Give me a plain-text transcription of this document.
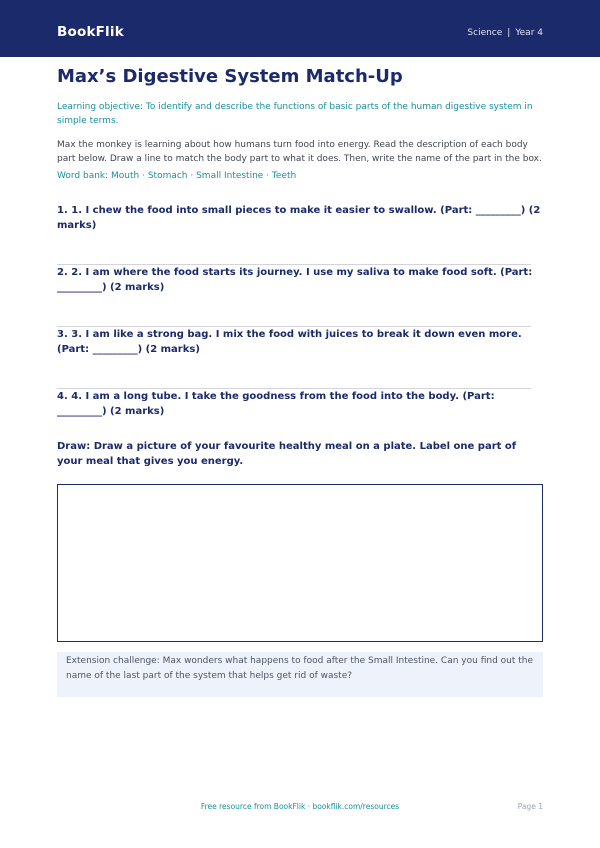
BookFlik	Science | Year 4
Max’s Digestive System Match-Up

Learning objective: To identify and describe the functions of basic parts of the human digestive system in simple terms.

Max the monkey is learning about how humans turn food into energy. Read the description of each body part below. Draw a line to match the body part to what it does. Then, write the name of the part in the box.

Word bank: Mouth · Stomach · Small Intestine · Teeth

1. 1. I chew the food into small pieces to make it easier to swallow. (Part: _________) (2 marks)
2. 2. I am where the food starts its journey. I use my saliva to make food soft. (Part: _________) (2 marks)
3. 3. I am like a strong bag. I mix the food with juices to break it down even more. (Part: _________) (2 marks)
4. 4. I am a long tube. I take the goodness from the food into the body. (Part: _________) (2 marks)
Draw: Draw a picture of your favourite healthy meal on a plate. Label one part of your meal that gives you energy.
Extension challenge: Max wonders what happens to food after the Small Intestine. Can you find out the name of the last part of the system that helps get rid of waste?
Free resource from BookFlik · bookflik.com/resources	Page 1
